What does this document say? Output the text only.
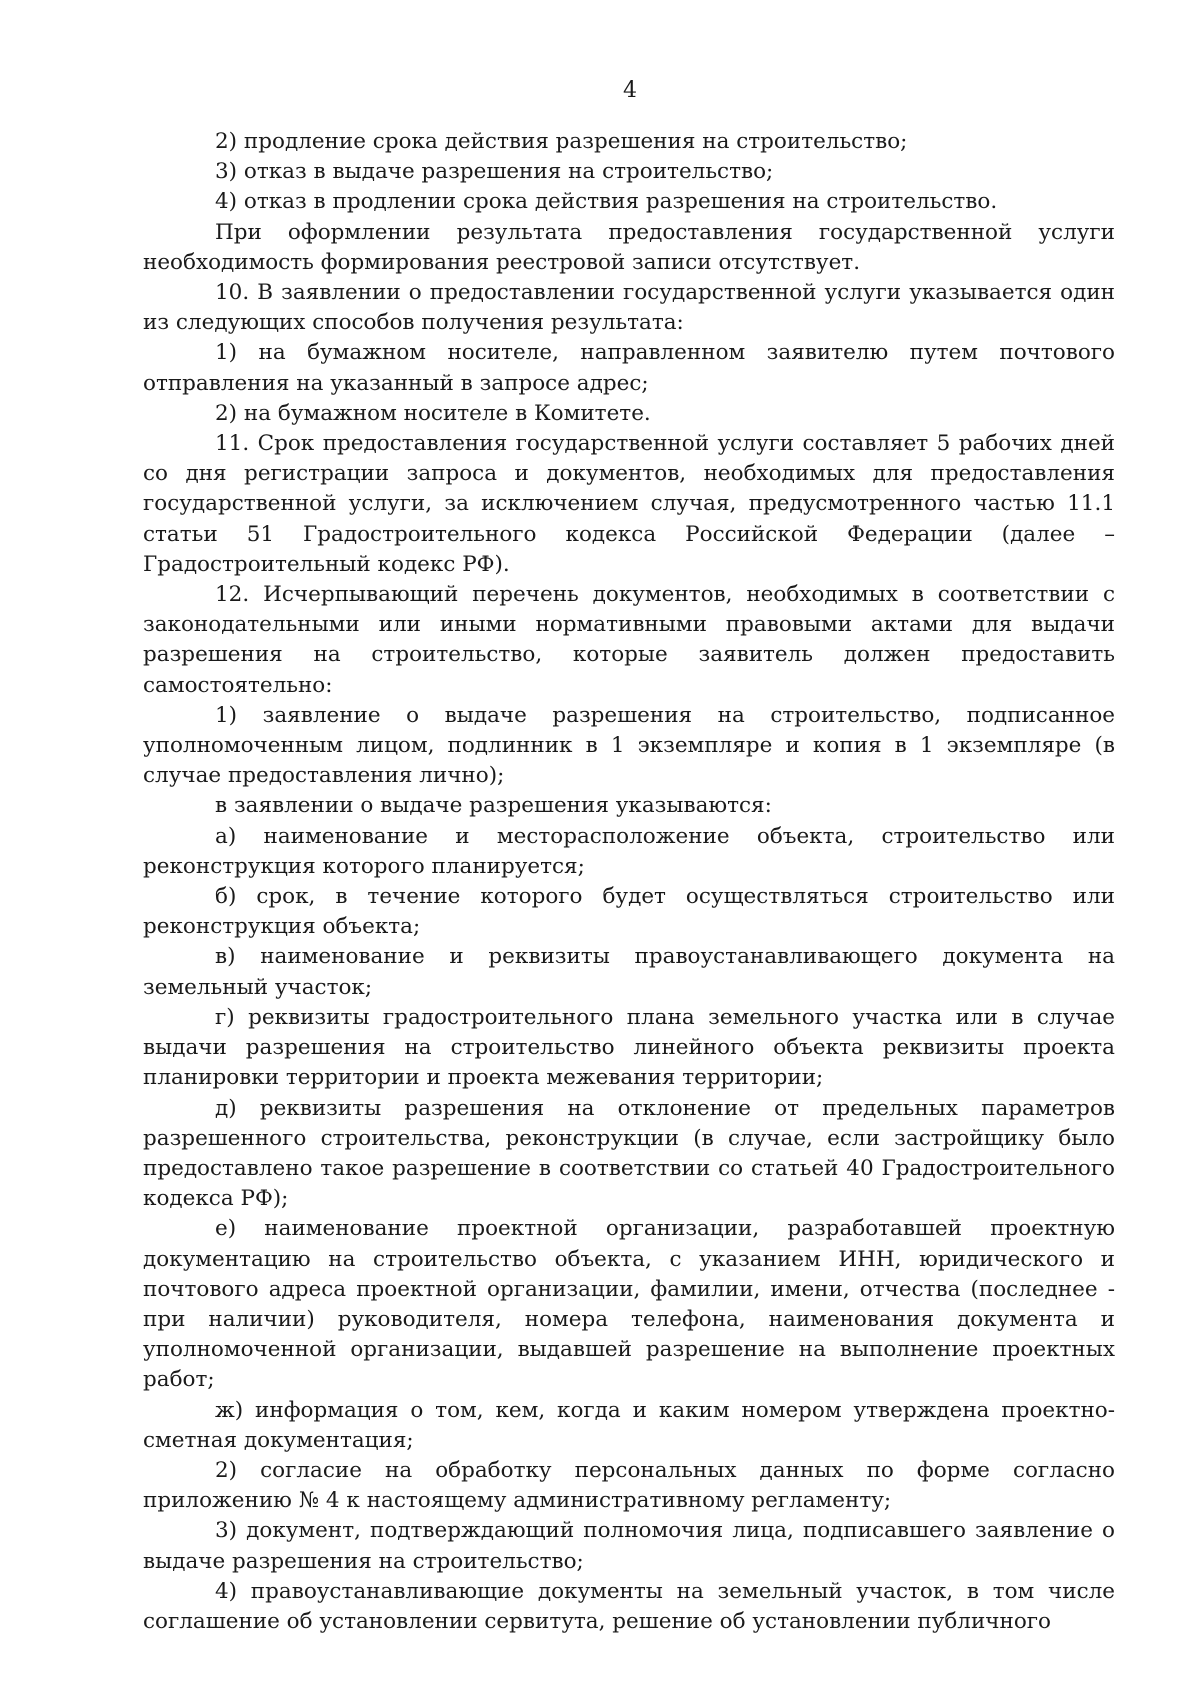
4

2) продление срока действия разрешения на строительство;

3) отказ в выдаче разрешения на строительство;

4) отказ в продлении срока действия разрешения на строительство.

При оформлении результата предоставления государственной услуги необходимость формирования реестровой записи отсутствует.

10. В заявлении о предоставлении государственной услуги указывается один из следующих способов получения результата:

1) на бумажном носителе, направленном заявителю путем почтового отправления на указанный в запросе адрес;

2) на бумажном носителе в Комитете.

11. Срок предоставления государственной услуги составляет 5 рабочих дней со дня регистрации запроса и документов, необходимых для предоставления государственной услуги, за исключением случая, предусмотренного частью 11.1 статьи 51 Градостроительного кодекса Российской Федерации (далее – Градостроительный кодекс РФ).

12. Исчерпывающий перечень документов, необходимых в соответствии с законодательными или иными нормативными правовыми актами для выдачи разрешения на строительство, которые заявитель должен предоставить самостоятельно:

1) заявление о выдаче разрешения на строительство, подписанное уполномоченным лицом, подлинник в 1 экземпляре и копия в 1 экземпляре (в случае предоставления лично);

в заявлении о выдаче разрешения указываются:

а) наименование и месторасположение объекта, строительство или реконструкция которого планируется;

б) срок, в течение которого будет осуществляться строительство или реконструкция объекта;

в) наименование и реквизиты правоустанавливающего документа на земельный участок;

г) реквизиты градостроительного плана земельного участка или в случае выдачи разрешения на строительство линейного объекта реквизиты проекта планировки территории и проекта межевания территории;

д) реквизиты разрешения на отклонение от предельных параметров разрешенного строительства, реконструкции (в случае, если застройщику было предоставлено такое разрешение в соответствии со статьей 40 Градостроительного кодекса РФ);

е) наименование проектной организации, разработавшей проектную документацию на строительство объекта, с указанием ИНН, юридического и почтового адреса проектной организации, фамилии, имени, отчества (последнее - при наличии) руководителя, номера телефона, наименования документа и уполномоченной организации, выдавшей разрешение на выполнение проектных работ;

ж) информация о том, кем, когда и каким номером утверждена проектно-сметная документация;

2) согласие на обработку персональных данных по форме согласно приложению № 4 к настоящему административному регламенту;

3) документ, подтверждающий полномочия лица, подписавшего заявление о выдаче разрешения на строительство;

4) правоустанавливающие документы на земельный участок, в том числе соглашение об установлении сервитута, решение об установлении публичного
